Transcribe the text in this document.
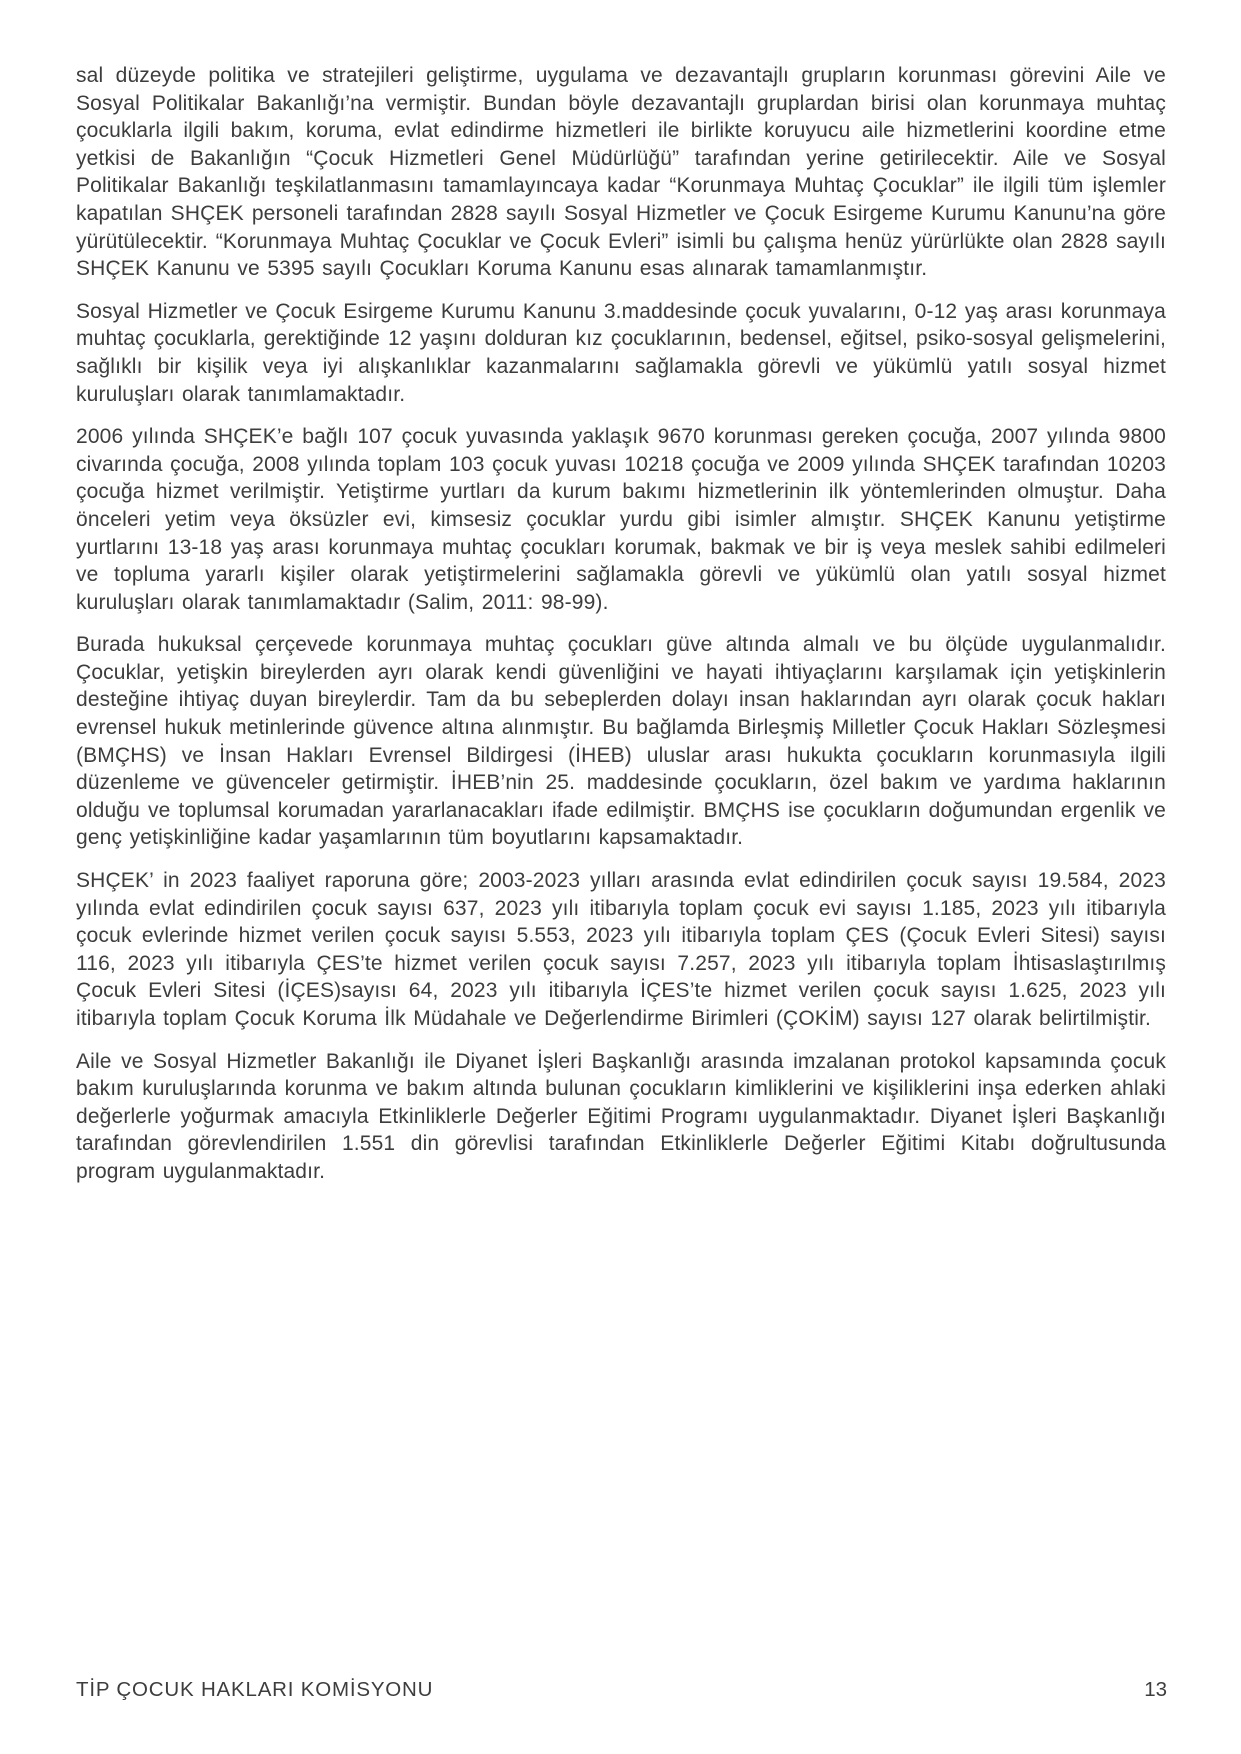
sal düzeyde politika ve stratejileri geliştirme, uygulama ve dezavantajlı grupların korunması görevini Aile ve Sosyal Politikalar Bakanlığı’na vermiştir. Bundan böyle dezavantajlı gruplardan birisi olan korunmaya muhtaç çocuklarla ilgili bakım, koruma, evlat edindirme hizmetleri ile birlikte koruyucu aile hizmetlerini koordine etme yetkisi de Bakanlığın “Çocuk Hizmetleri Genel Müdürlüğü” tarafından yerine getirilecektir. Aile ve Sosyal Politikalar Bakanlığı teşkilatlanmasını tamamlayıncaya kadar “Korunmaya Muhtaç Çocuklar” ile ilgili tüm işlemler kapatılan SHÇEK personeli tarafından 2828 sayılı Sosyal Hizmetler ve Çocuk Esirgeme Kurumu Kanunu’na göre yürütülecektir. “Korunmaya Muhtaç Çocuklar ve Çocuk Evleri” isimli bu çalışma henüz yürürlükte olan 2828 sayılı SHÇEK Kanunu ve 5395 sayılı Çocukları Koruma Kanunu esas alınarak tamamlanmıştır.

Sosyal Hizmetler ve Çocuk Esirgeme Kurumu Kanunu 3.maddesinde çocuk yuvalarını, 0-12 yaş arası korunmaya muhtaç çocuklarla, gerektiğinde 12 yaşını dolduran kız çocuklarının, bedensel, eğitsel, psiko-sosyal gelişmelerini, sağlıklı bir kişilik veya iyi alışkanlıklar kazanmalarını sağlamakla görevli ve yükümlü yatılı sosyal hizmet kuruluşları olarak tanımlamaktadır.

2006 yılında SHÇEK’e bağlı 107 çocuk yuvasında yaklaşık 9670 korunması gereken çocuğa, 2007 yılında 9800 civarında çocuğa, 2008 yılında toplam 103 çocuk yuvası 10218 çocuğa ve 2009 yılında SHÇEK tarafından 10203 çocuğa hizmet verilmiştir. Yetiştirme yurtları da kurum bakımı hizmetlerinin ilk yöntemlerinden olmuştur. Daha önceleri yetim veya öksüzler evi, kimsesiz çocuklar yurdu gibi isimler almıştır. SHÇEK Kanunu yetiştirme yurtlarını 13-18 yaş arası korunmaya muhtaç çocukları korumak, bakmak ve bir iş veya meslek sahibi edilmeleri ve topluma yararlı kişiler olarak yetiştirmelerini sağlamakla görevli ve yükümlü olan yatılı sosyal hizmet kuruluşları olarak tanımlamaktadır (Salim, 2011: 98-99).

Burada hukuksal çerçevede korunmaya muhtaç çocukları güve altında almalı ve bu ölçüde uygulanmalıdır. Çocuklar, yetişkin bireylerden ayrı olarak kendi güvenliğini ve hayati ihtiyaçlarını karşılamak için yetişkinlerin desteğine ihtiyaç duyan bireylerdir. Tam da bu sebeplerden dolayı insan haklarından ayrı olarak çocuk hakları evrensel hukuk metinlerinde güvence altına alınmıştır. Bu bağlamda Birleşmiş Milletler Çocuk Hakları Sözleşmesi (BMÇHS) ve İnsan Hakları Evrensel Bildirgesi (İHEB) uluslar arası hukukta çocukların korunmasıyla ilgili düzenleme ve güvenceler getirmiştir. İHEB’nin 25. maddesinde çocukların, özel bakım ve yardıma haklarının olduğu ve toplumsal korumadan yararlanacakları ifade edilmiştir. BMÇHS ise çocukların doğumundan ergenlik ve genç yetişkinliğine kadar yaşamlarının tüm boyutlarını kapsamaktadır.

SHÇEK’ in 2023 faaliyet raporuna göre; 2003-2023 yılları arasında evlat edindirilen çocuk sayısı 19.584, 2023 yılında evlat edindirilen çocuk sayısı 637, 2023 yılı itibarıyla toplam çocuk evi sayısı 1.185, 2023 yılı itibarıyla çocuk evlerinde hizmet verilen çocuk sayısı 5.553, 2023 yılı itibarıyla toplam ÇES (Çocuk Evleri Sitesi) sayısı 116, 2023 yılı itibarıyla ÇES’te hizmet verilen çocuk sayısı 7.257, 2023 yılı itibarıyla toplam İhtisaslaştırılmış Çocuk Evleri Sitesi (İÇES)sayısı 64, 2023 yılı itibarıyla İÇES’te hizmet verilen çocuk sayısı 1.625, 2023 yılı itibarıyla toplam Çocuk Koruma İlk Müdahale ve Değerlendirme Birimleri (ÇOKİM) sayısı 127 olarak belirtilmiştir.

Aile ve Sosyal Hizmetler Bakanlığı ile Diyanet İşleri Başkanlığı arasında imzalanan protokol kapsamında çocuk bakım kuruluşlarında korunma ve bakım altında bulunan çocukların kimliklerini ve kişiliklerini inşa ederken ahlaki değerlerle yoğurmak amacıyla Etkinliklerle Değerler Eğitimi Programı uygulanmaktadır. Diyanet İşleri Başkanlığı tarafından görevlendirilen 1.551 din görevlisi tarafından Etkinliklerle Değerler Eğitimi Kitabı doğrultusunda program uygulanmaktadır.

TİP ÇOCUK HAKLARI KOMİSYONU	13
